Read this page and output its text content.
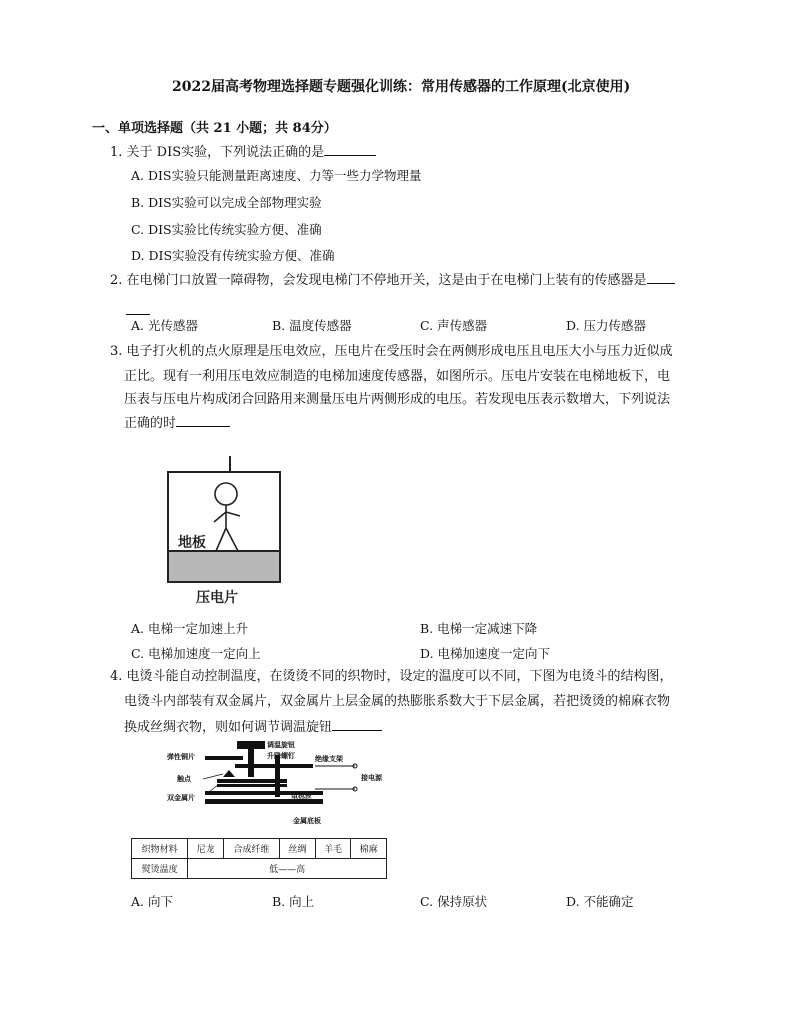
2022届高考物理选择题专题强化训练：常用传感器的工作原理(北京使用)
一、单项选择题（共 21 小题；共 84分）
1. 关于 DIS实验，下列说法正确的是
A. DIS实验只能测量距离速度、力等一些力学物理量
B. DIS实验可以完成全部物理实验
C. DIS实验比传统实验方便、准确
D. DIS实验没有传统实验方便、准确
2. 在电梯门口放置一障碍物，会发现电梯门不停地开关，这是由于在电梯门上装有的传感器是
A. 光传感器	B. 温度传感器	C. 声传感器	D. 压力传感器
3. 电子打火机的点火原理是压电效应，压电片在受压时会在两侧形成电压且电压大小与压力近似成
正比。现有一利用压电效应制造的电梯加速度传感器，如图所示。压电片安装在电梯地板下，电
压表与压电片构成闭合回路用来测量压电片两侧形成的电压。若发现电压表示数增大，下列说法
正确的时
地板
压电片
A. 电梯一定加速上升	B. 电梯一定减速下降
C. 电梯加速度一定向上	D. 电梯加速度一定向下
4. 电烫斗能自动控制温度，在烫烫不同的织物时，设定的温度可以不同，下图为电烫斗的结构图，
电烫斗内部装有双金属片，双金属片上层金属的热膨胀系数大于下层金属，若把烫烫的棉麻衣物
换成丝绸衣物，则如何调节调温旋钮
调温旋钮
升降螺钉
弹性铜片	绝缘支架
触点	接电源
双金属片	电热丝
金属底板
织物材料	尼龙	合成纤维	丝绸	羊毛	棉麻
熨烫温度	低——高				
A. 向下	B. 向上	C. 保持原状	D. 不能确定
